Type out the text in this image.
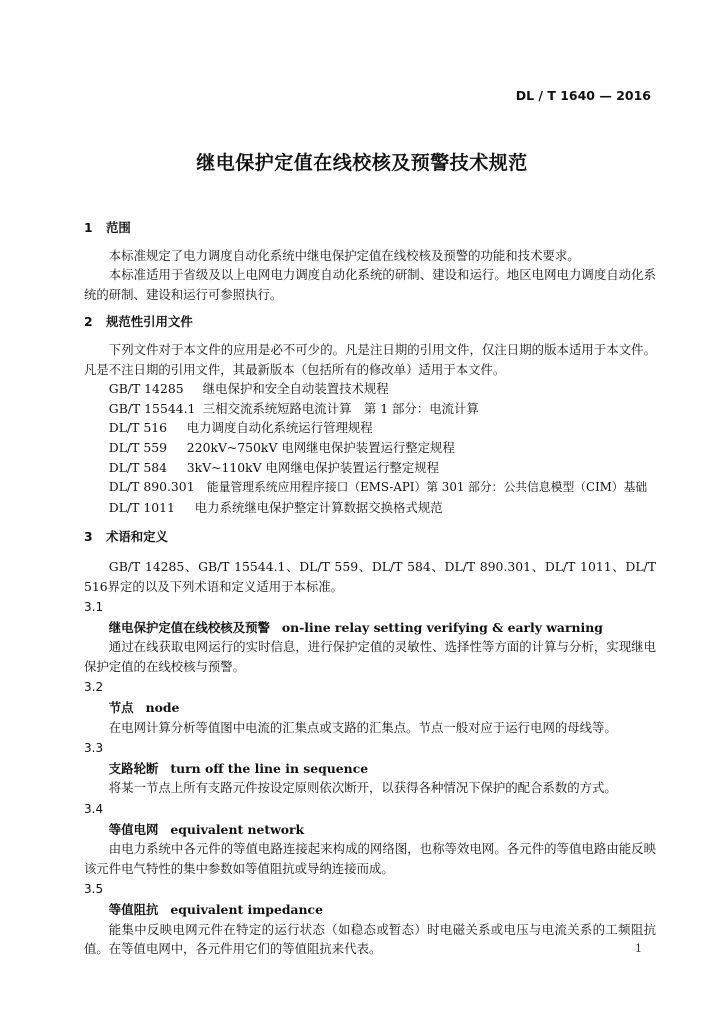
DL / T 1640 — 2016
继电保护定值在线校核及预警技术规范

1 范围

本标准规定了电力调度自动化系统中继电保护定值在线校核及预警的功能和技术要求。

本标准适用于省级及以上电网电力调度自动化系统的研制、建设和运行。地区电网电力调度自动化系统的研制、建设和运行可参照执行。

2 规范性引用文件

下列文件对于本文件的应用是必不可少的。凡是注日期的引用文件，仅注日期的版本适用于本文件。凡是不注日期的引用文件，其最新版本（包括所有的修改单）适用于本文件。

GB/T 14285 继电保护和安全自动装置技术规程

GB/T 15544.1 三相交流系统短路电流计算　第 1 部分：电流计算

DL/T 516 电力调度自动化系统运行管理规程

DL/T 559 220kV~750kV 电网继电保护装置运行整定规程

DL/T 584 3kV~110kV 电网继电保护装置运行整定规程

DL/T 890.301 能量管理系统应用程序接口（EMS-API）第 301 部分：公共信息模型（CIM）基础

DL/T 1011 电力系统继电保护整定计算数据交换格式规范

3 术语和定义

GB/T 14285、GB/T 15544.1、DL/T 559、DL/T 584、DL/T 890.301、DL/T 1011、DL/T 516界定的以及下列术语和定义适用于本标准。

3.1

继电保护定值在线校核及预警 on-line relay setting verifying & early warning

通过在线获取电网运行的实时信息，进行保护定值的灵敏性、选择性等方面的计算与分析，实现继电保护定值的在线校核与预警。

3.2

节点 node

在电网计算分析等值图中电流的汇集点或支路的汇集点。节点一般对应于运行电网的母线等。

3.3

支路轮断 turn off the line in sequence

将某一节点上所有支路元件按设定原则依次断开，以获得各种情况下保护的配合系数的方式。

3.4

等值电网 equivalent network

由电力系统中各元件的等值电路连接起来构成的网络图，也称等效电网。各元件的等值电路由能反映该元件电气特性的集中参数如等值阻抗或导纳连接而成。

3.5

等值阻抗 equivalent impedance

能集中反映电网元件在特定的运行状态（如稳态或暂态）时电磁关系或电压与电流关系的工频阻抗值。在等值电网中，各元件用它们的等值阻抗来代表。	1
